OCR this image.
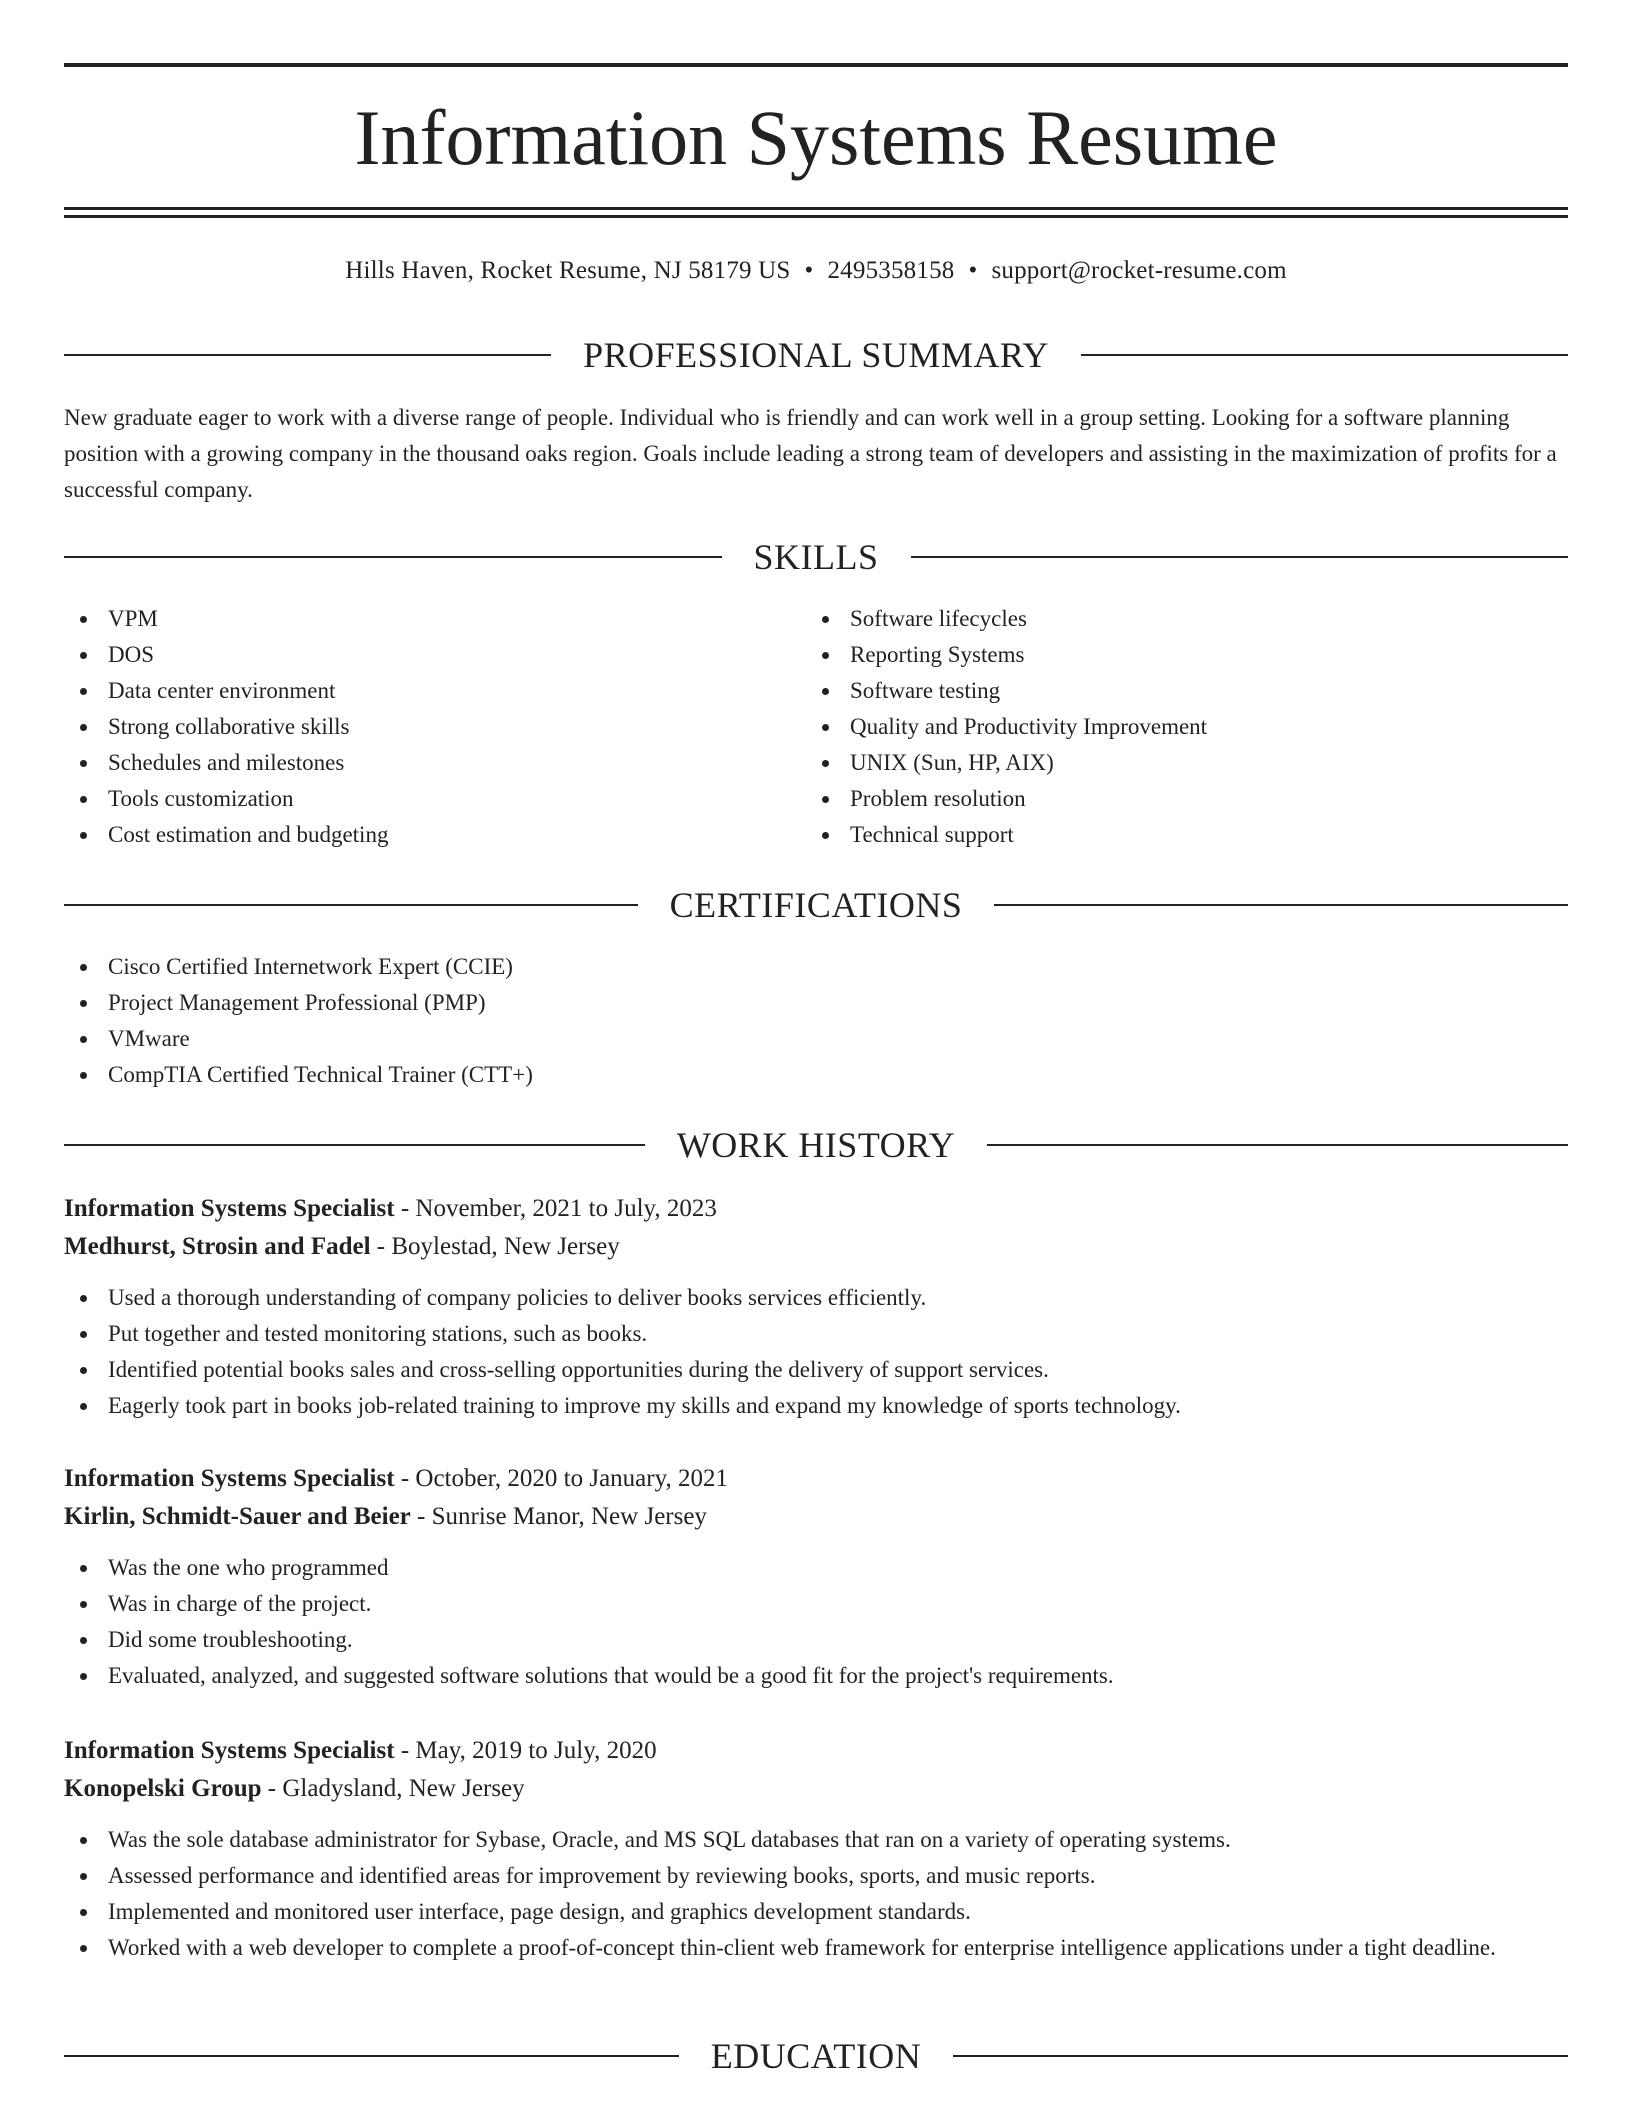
Information Systems Resume
Hills Haven, Rocket Resume, NJ 58179 US • 2495358158 • support@rocket-resume.com
PROFESSIONAL SUMMARY

New graduate eager to work with a diverse range of people. Individual who is friendly and can work well in a group setting. Looking for a software planning position with a growing company in the thousand oaks region. Goals include leading a strong team of developers and assisting in the maximization of profits for a successful company.

SKILLS
VPM
DOS
Data center environment
Strong collaborative skills
Schedules and milestones
Tools customization
Cost estimation and budgeting
Software lifecycles
Reporting Systems
Software testing
Quality and Productivity Improvement
UNIX (Sun, HP, AIX)
Problem resolution
Technical support
CERTIFICATIONS
Cisco Certified Internetwork Expert (CCIE)
Project Management Professional (PMP)
VMware
CompTIA Certified Technical Trainer (CTT+)
WORK HISTORY
Information Systems Specialist - November, 2021 to July, 2023
Medhurst, Strosin and Fadel - Boylestad, New Jersey
Used a thorough understanding of company policies to deliver books services efficiently.
Put together and tested monitoring stations, such as books.
Identified potential books sales and cross-selling opportunities during the delivery of support services.
Eagerly took part in books job-related training to improve my skills and expand my knowledge of sports technology.
Information Systems Specialist - October, 2020 to January, 2021
Kirlin, Schmidt-Sauer and Beier - Sunrise Manor, New Jersey
Was the one who programmed
Was in charge of the project.
Did some troubleshooting.
Evaluated, analyzed, and suggested software solutions that would be a good fit for the project's requirements.
Information Systems Specialist - May, 2019 to July, 2020
Konopelski Group - Gladysland, New Jersey
Was the sole database administrator for Sybase, Oracle, and MS SQL databases that ran on a variety of operating systems.
Assessed performance and identified areas for improvement by reviewing books, sports, and music reports.
Implemented and monitored user interface, page design, and graphics development standards.
Worked with a web developer to complete a proof-of-concept thin-client web framework for enterprise intelligence applications under a tight deadline.
EDUCATION
